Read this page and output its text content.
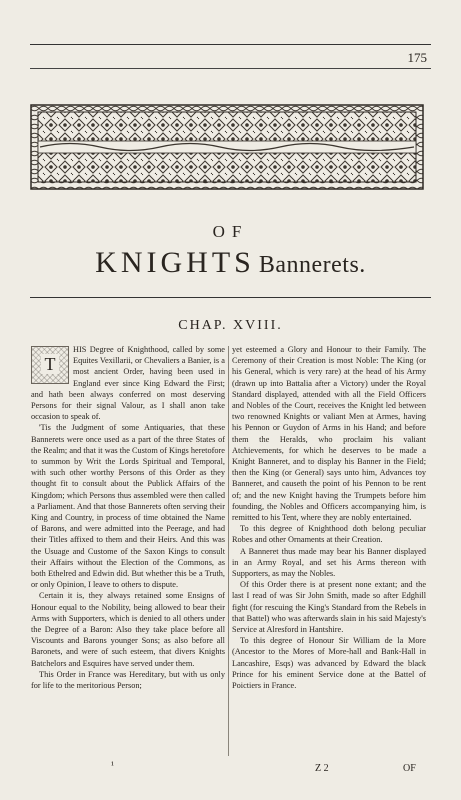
175
OF
KNIGHTS Bannerets.
CHAP. XVIII.

T
HIS Degree of Knighthood, called by some Equites Vexillarii, or Chevaliers a Banier, is a most ancient Order, having been used in England ever since King Edward the First; and hath been always conferred on most deserving Persons for their signal Valour, as I shall anon take occasion to speak of.

'Tis the Judgment of some Antiquaries, that these Bannerets were once used as a part of the three States of the Realm; and that it was the Custom of Kings heretofore to summon by Writ the Lords Spiritual and Temporal, with such other worthy Persons of this Order as they thought fit to consult about the Publick Affairs of the Kingdom; which Persons thus assembled were then called a Parliament. And that those Bannerets often serving their King and Country, in process of time obtained the Name of Barons, and were admitted into the Peerage, and had their Titles affixed to them and their Heirs. And this was the Usuage and Custome of the Saxon Kings to consult their Affairs without the Election of the Commons, as both Ethelred and Edwin did. But whether this be a Truth, or only Opinion, I leave to others to dispute.

Certain it is, they always retained some Ensigns of Honour equal to the Nobility, being allowed to bear their Arms with Supporters, which is denied to all others under the Degree of a Baron: Also they take place before all Viscounts and Barons younger Sons; as also before all Baronets, and were of such esteem, that divers Knights Batchelors and Esquires have served under them.

This Order in France was Hereditary, but with us only for life to the meritorious Person;

yet esteemed a Glory and Honour to their Family. The Ceremony of their Creation is most Noble: The King (or his General, which is very rare) at the head of his Army (drawn up into Battalia after a Victory) under the Royal Standard displayed, attended with all the Field Officers and Nobles of the Court, receives the Knight led between two renowned Knights or valiant Men at Armes, having his Pennon or Guydon of Arms in his Hand; and before them the Heralds, who proclaim his valiant Atchievements, for which he deserves to be made a Knight Banneret, and to display his Banner in the Field; then the King (or General) says unto him, Advances toy Banneret, and causeth the point of his Pennon to be rent of; and the new Knight having the Trumpets before him founding, the Nobles and Officers accompanying him, is remitted to his Tent, where they are nobly entertained.

To this degree of Knighthood doth belong peculiar Robes and other Ornaments at their Creation.

A Banneret thus made may bear his Banner displayed in an Army Royal, and set his Arms thereon with Supporters, as may the Nobles.

Of this Order there is at present none extant; and the last I read of was Sir John Smith, made so after Edghill fight (for rescuing the King's Standard from the Rebels in that Battel) who was afterwards slain in his said Majesty's Service at Alresford in Hantshire.

To this degree of Honour Sir William de la More (Ancestor to the Mores of More-hall and Bank-Hall in Lancashire, Esqs) was advanced by Edward the black Prince for his eminent Service done at the Battel of Poictiers in France.

¹	Z 2	OF
